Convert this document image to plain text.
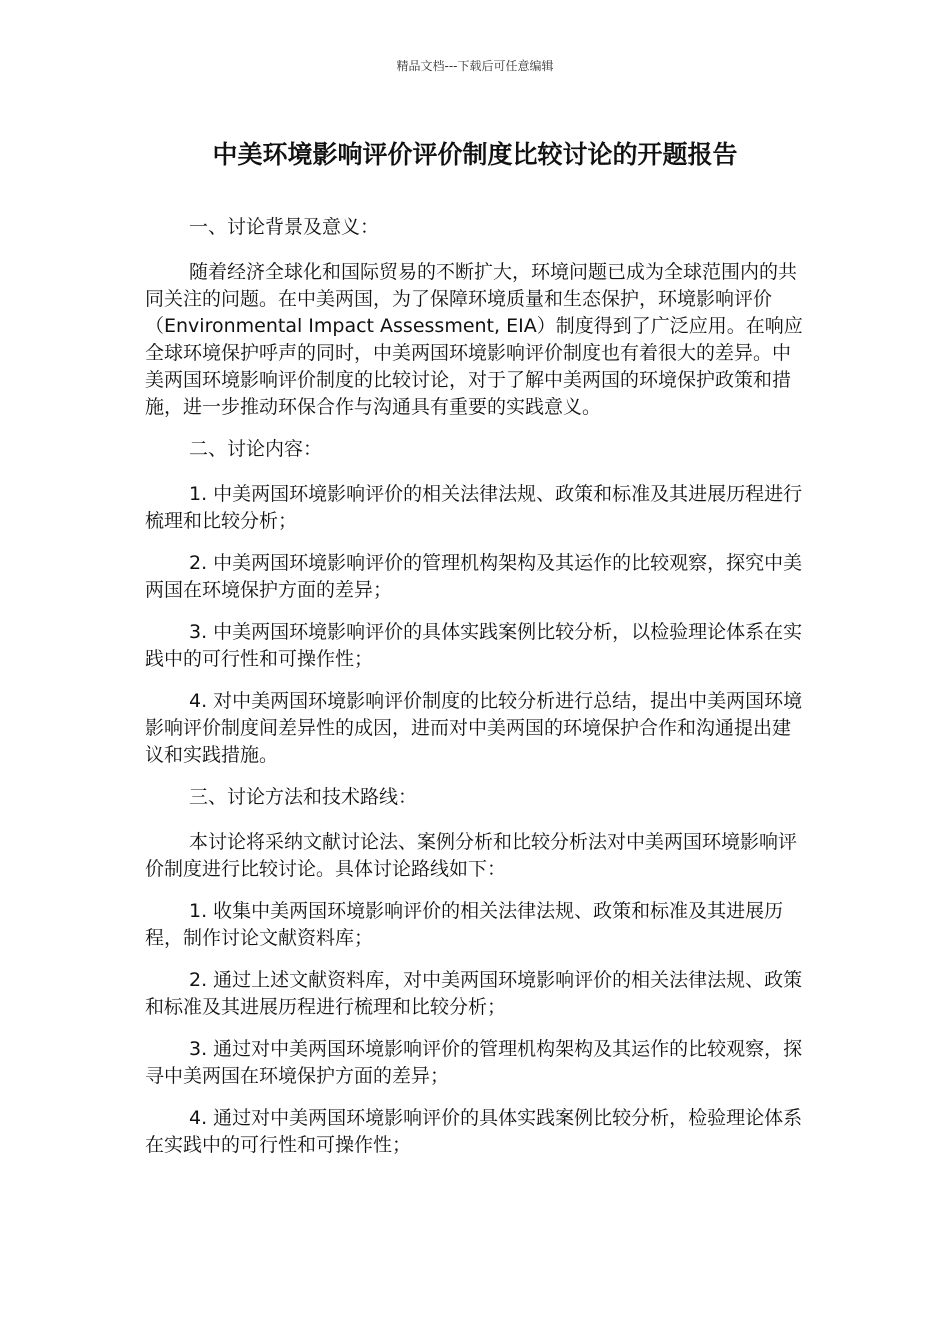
精品文档---下载后可任意编辑
中美环境影响评价评价制度比较讨论的开题报告

一、讨论背景及意义：

随着经济全球化和国际贸易的不断扩大，环境问题已成为全球范围内的共同关注的问题。在中美两国，为了保障环境质量和生态保护，环境影响评价（Environmental Impact Assessment, EIA）制度得到了广泛应用。在响应全球环境保护呼声的同时，中美两国环境影响评价制度也有着很大的差异。中美两国环境影响评价制度的比较讨论，对于了解中美两国的环境保护政策和措施，进一步推动环保合作与沟通具有重要的实践意义。

二、讨论内容：

1. 中美两国环境影响评价的相关法律法规、政策和标准及其进展历程进行梳理和比较分析；

2. 中美两国环境影响评价的管理机构架构及其运作的比较观察，探究中美两国在环境保护方面的差异；

3. 中美两国环境影响评价的具体实践案例比较分析，以检验理论体系在实践中的可行性和可操作性；

4. 对中美两国环境影响评价制度的比较分析进行总结，提出中美两国环境影响评价制度间差异性的成因，进而对中美两国的环境保护合作和沟通提出建议和实践措施。

三、讨论方法和技术路线：

本讨论将采纳文献讨论法、案例分析和比较分析法对中美两国环境影响评价制度进行比较讨论。具体讨论路线如下：

1. 收集中美两国环境影响评价的相关法律法规、政策和标准及其进展历程，制作讨论文献资料库；

2. 通过上述文献资料库，对中美两国环境影响评价的相关法律法规、政策和标准及其进展历程进行梳理和比较分析；

3. 通过对中美两国环境影响评价的管理机构架构及其运作的比较观察，探寻中美两国在环境保护方面的差异；

4. 通过对中美两国环境影响评价的具体实践案例比较分析，检验理论体系在实践中的可行性和可操作性；
